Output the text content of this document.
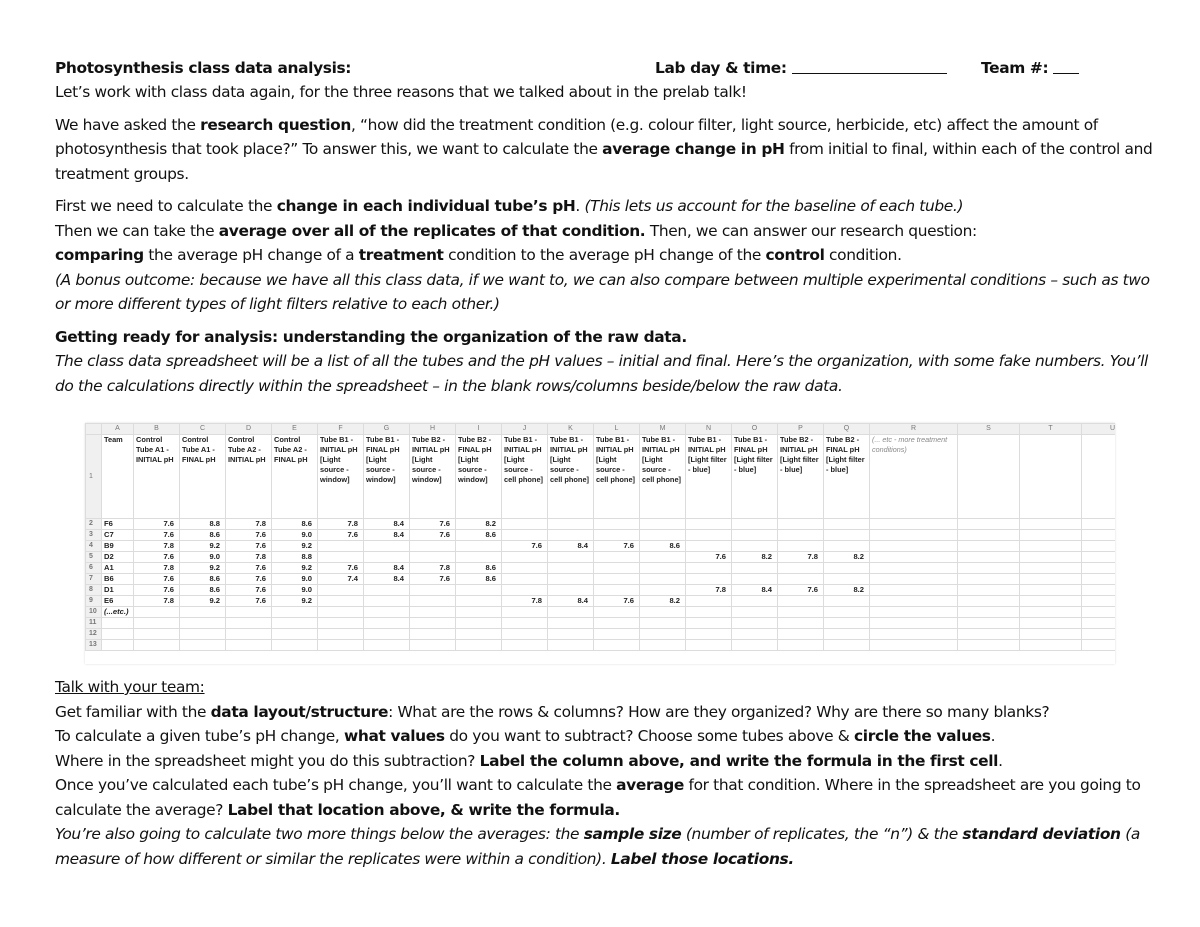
Photosynthesis class data analysis:	Lab day & time:	Team #:

Let’s work with class data again, for the three reasons that we talked about in the prelab talk!

We have asked the research question, “how did the treatment condition (e.g. colour filter, light source, herbicide, etc) affect the amount of photosynthesis that took place?” To answer this, we want to calculate the average change in pH from initial to final, within each of the control and treatment groups.

First we need to calculate the change in each individual tube’s pH. (This lets us account for the baseline of each tube.)
Then we can take the average over all of the replicates of that condition. Then, we can answer our research question:
comparing the average pH change of a treatment condition to the average pH change of the control condition.

(A bonus outcome: because we have all this class data, if we want to, we can also compare between multiple experimental conditions – such as two or more different types of light filters relative to each other.)

Getting ready for analysis: understanding the organization of the raw data.

The class data spreadsheet will be a list of all the tubes and the pH values – initial and final. Here’s the organization, with some fake numbers. You’ll do the calculations directly within the spreadsheet – in the blank rows/columns beside/below the raw data.

	A	B	C	D	E	F	G	H	I	J	K	L	M	N	O	P	Q	R	S	T	U
1	Team	Control Tube A1 - INITIAL pH	Control Tube A1 - FINAL pH	Control Tube A2 - INITIAL pH	Control Tube A2 - FINAL pH	Tube B1 - INITIAL pH [Light source - window]	Tube B1 - FINAL pH [Light source - window]	Tube B2 - INITIAL pH [Light source - window]	Tube B2 - FINAL pH [Light source - window]	Tube B1 - INITIAL pH [Light source - cell phone]	Tube B1 - INITIAL pH [Light source - cell phone]	Tube B1 - INITIAL pH [Light source - cell phone]	Tube B1 - INITIAL pH [Light source - cell phone]	Tube B1 - INITIAL pH [Light filter - blue]	Tube B1 - FINAL pH [Light filter - blue]	Tube B2 - INITIAL pH [Light filter - blue]	Tube B2 - FINAL pH [Light filter - blue]	(... etc - more treatment conditions)			
2	F6	7.6	8.8	7.8	8.6	7.8	8.4	7.6	8.2												
3	C7	7.6	8.6	7.6	9.0	7.6	8.4	7.6	8.6												
4	B9	7.8	9.2	7.6	9.2					7.6	8.4	7.6	8.6								
5	D2	7.6	9.0	7.8	8.8									7.6	8.2	7.8	8.2				
6	A1	7.8	9.2	7.6	9.2	7.6	8.4	7.8	8.6												
7	B6	7.6	8.6	7.6	9.0	7.4	8.4	7.6	8.6												
8	D1	7.6	8.6	7.6	9.0									7.8	8.4	7.6	8.2				
9	E6	7.8	9.2	7.6	9.2					7.8	8.4	7.6	8.2								
10	(...etc.)																				
11																					
12																					
13																					

Talk with your team:

Get familiar with the data layout/structure: What are the rows & columns? How are they organized? Why are there so many blanks?

To calculate a given tube’s pH change, what values do you want to subtract? Choose some tubes above & circle the values.

Where in the spreadsheet might you do this subtraction? Label the column above, and write the formula in the first cell.

Once you’ve calculated each tube’s pH change, you’ll want to calculate the average for that condition. Where in the spreadsheet are you going to calculate the average? Label that location above, & write the formula.

You’re also going to calculate two more things below the averages: the sample size (number of replicates, the “n”) & the standard deviation (a measure of how different or similar the replicates were within a condition). Label those locations.
